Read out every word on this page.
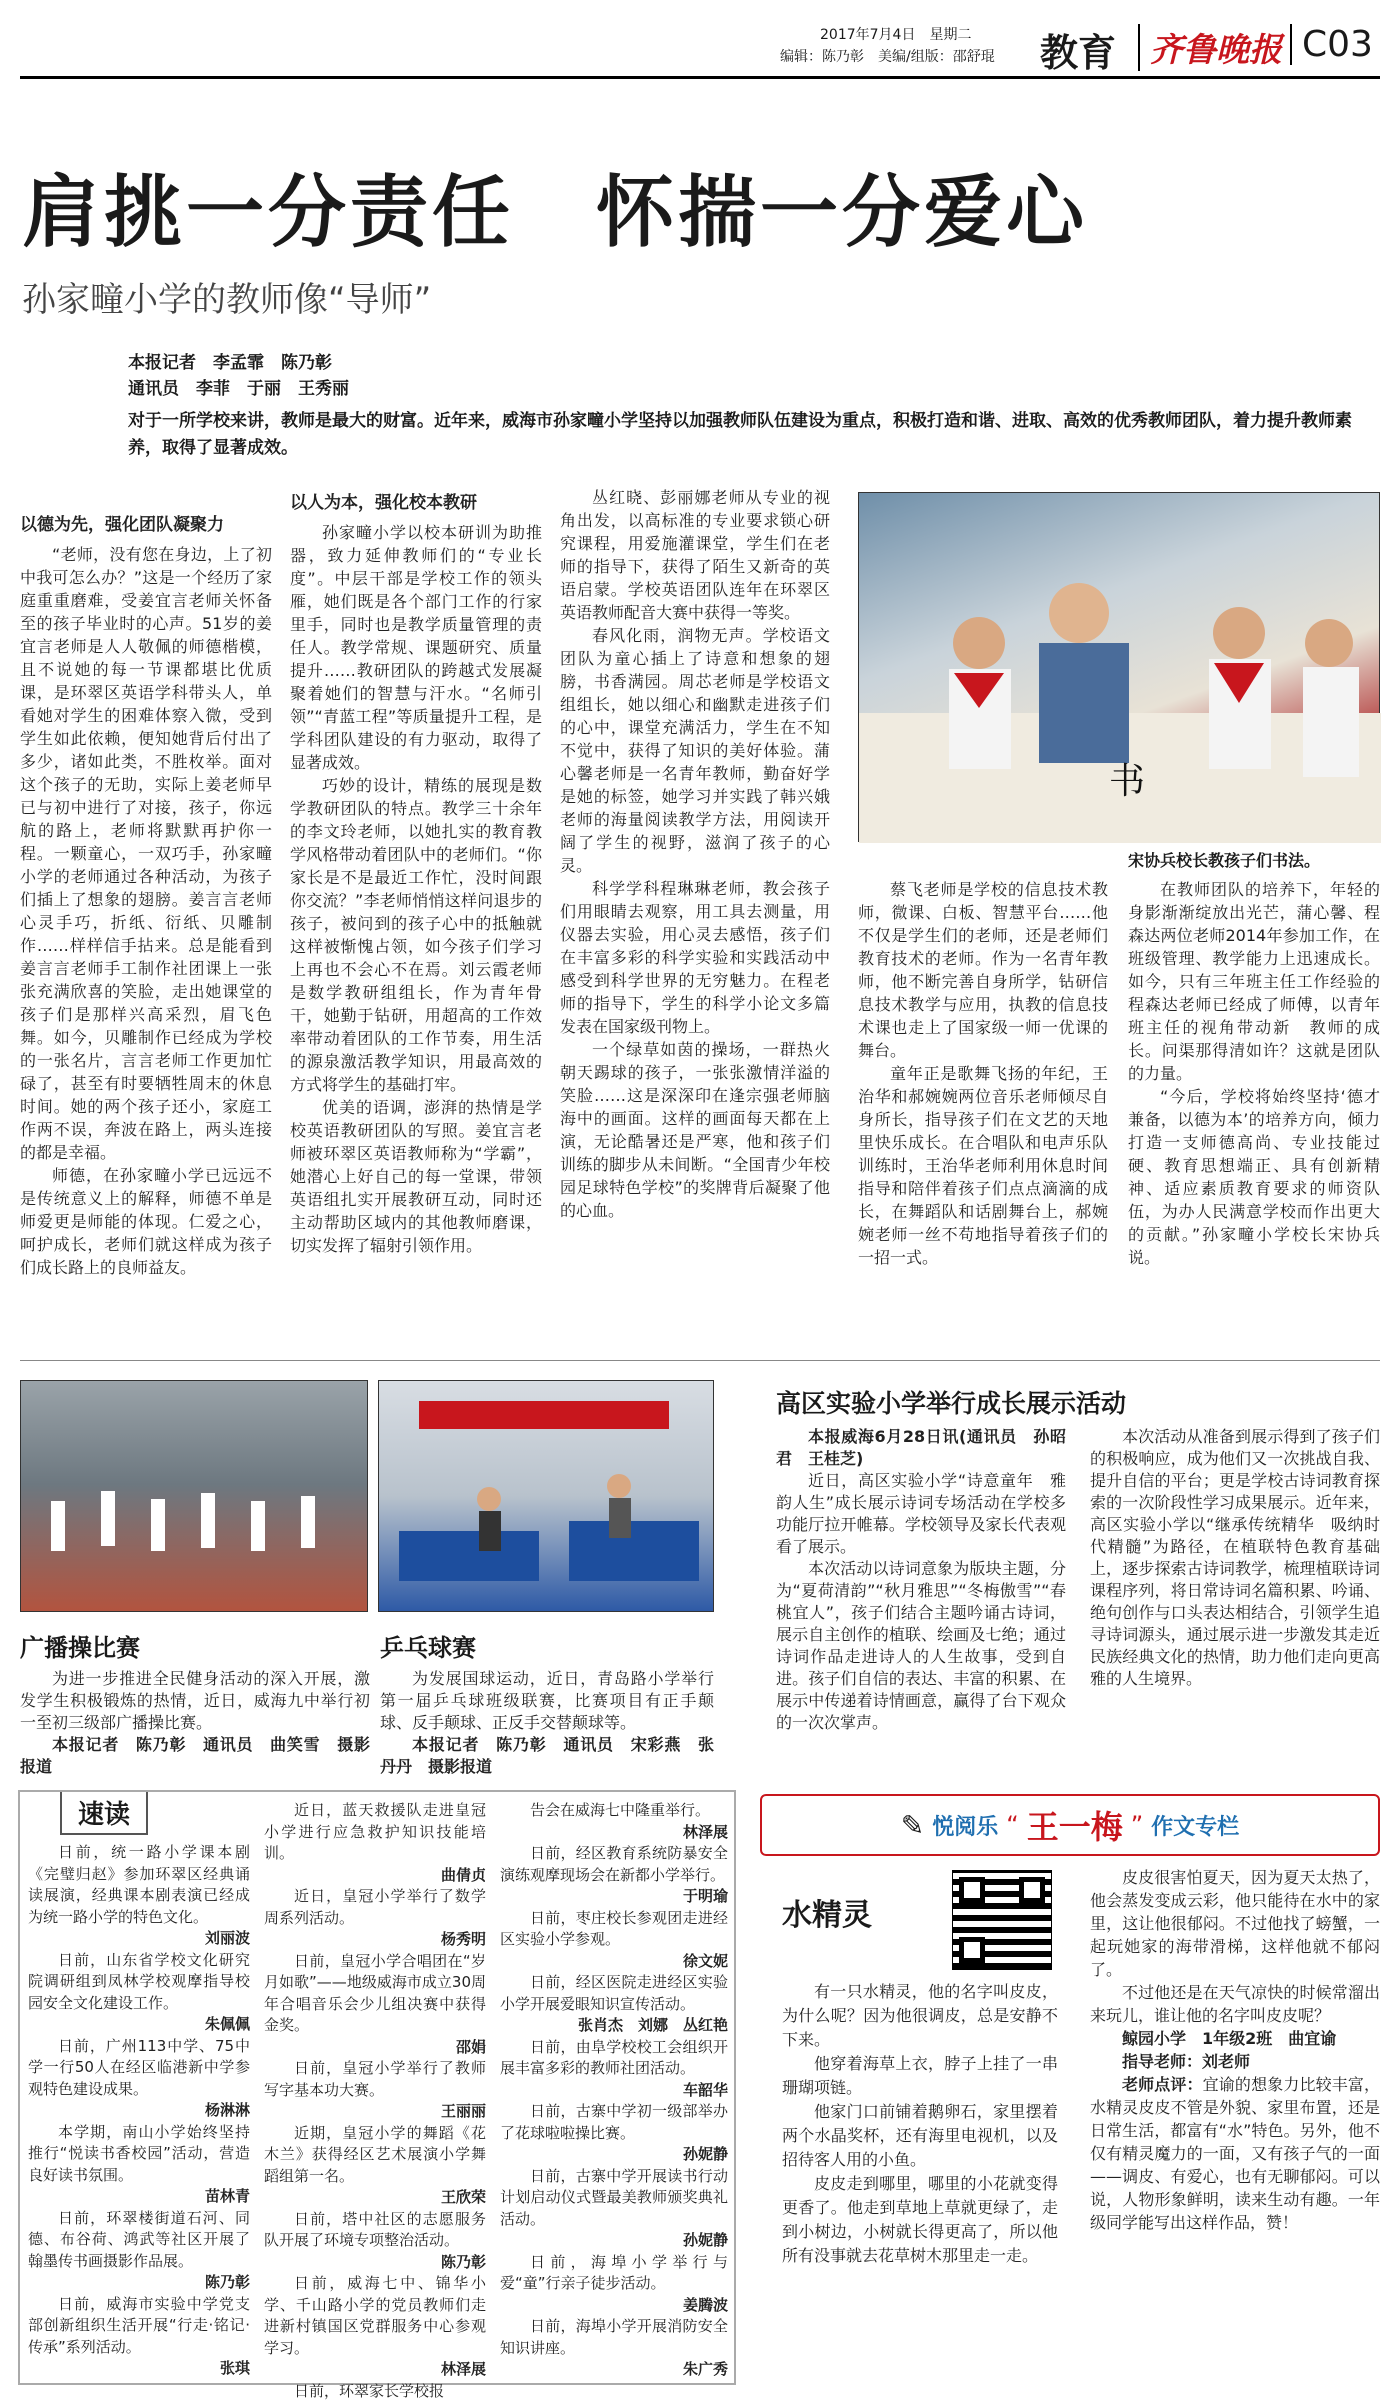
2017年7月4日　星期二
编辑：陈乃彰　美编/组版：邵舒琨 教育	齐鲁晚报 C03
肩挑一分责任　怀揣一分爱心
孙家疃小学的教师像“导师”
本报记者　李孟霏　陈乃彰
通讯员　李菲　于丽　王秀丽
对于一所学校来讲，教师是最大的财富。近年来，威海市孙家疃小学坚持以加强教师队伍建设为重点，积极打造和谐、进取、高效的优秀教师团队，着力提升教师素养，取得了显著成效。
以德为先，强化团队凝聚力

“老师，没有您在身边，上了初中我可怎么办？”这是一个经历了家庭重重磨难，受姜宜言老师关怀备至的孩子毕业时的心声。51岁的姜宜言老师是人人敬佩的师德楷模，且不说她的每一节课都堪比优质课，是环翠区英语学科带头人，单看她对学生的困难体察入微，受到学生如此依赖，便知她背后付出了多少，诸如此类，不胜枚举。面对这个孩子的无助，实际上姜老师早已与初中进行了对接，孩子，你远航的路上，老师将默默再护你一程。一颗童心，一双巧手，孙家疃小学的老师通过各种活动，为孩子们插上了想象的翅膀。姜言言老师心灵手巧，折纸、衍纸、贝雕制作……样样信手拈来。总是能看到姜言言老师手工制作社团课上一张张充满欣喜的笑脸，走出她课堂的孩子们是那样兴高采烈，眉飞色舞。如今，贝雕制作已经成为学校的一张名片，言言老师工作更加忙碌了，甚至有时要牺牲周末的休息时间。她的两个孩子还小，家庭工作两不误，奔波在路上，两头连接的都是幸福。

师德，在孙家疃小学已远远不是传统意义上的解释，师德不单是师爱更是师能的体现。仁爱之心，呵护成长，老师们就这样成为孩子们成长路上的良师益友。

以人为本，强化校本教研

孙家疃小学以校本研训为助推器，致力延伸教师们的“专业长度”。中层干部是学校工作的领头雁，她们既是各个部门工作的行家里手，同时也是教学质量管理的责任人。教学常规、课题研究、质量提升……教研团队的跨越式发展凝聚着她们的智慧与汗水。“名师引领”“青蓝工程”等质量提升工程，是学科团队建设的有力驱动，取得了显著成效。

巧妙的设计，精练的展现是数学教研团队的特点。教学三十余年的李文玲老师，以她扎实的教育教学风格带动着团队中的老师们。“你家长是不是最近工作忙，没时间跟你交流？”李老师悄悄这样问退步的孩子，被问到的孩子心中的抵触就这样被惭愧占领，如今孩子们学习上再也不会心不在焉。刘云霞老师是数学教研组组长，作为青年骨干，她勤于钻研，用超高的工作效率带动着团队的工作节奏，用生活的源泉激活教学知识，用最高效的方式将学生的基础打牢。

优美的语调，澎湃的热情是学校英语教研团队的写照。姜宜言老师被环翠区英语教师称为“学霸”，她潜心上好自己的每一堂课，带领英语组扎实开展教研互动，同时还主动帮助区域内的其他教师磨课，切实发挥了辐射引领作用。

丛红晓、彭丽娜老师从专业的视角出发，以高标准的专业要求锁心研究课程，用爱施灌课堂，学生们在老师的指导下，获得了陌生又新奇的英语启蒙。学校英语团队连年在环翠区英语教师配音大赛中获得一等奖。

春风化雨，润物无声。学校语文团队为童心插上了诗意和想象的翅膀，书香满园。周芯老师是学校语文组组长，她以细心和幽默走进孩子们的心中，课堂充满活力，学生在不知不觉中，获得了知识的美好体验。蒲心馨老师是一名青年教师，勤奋好学是她的标签，她学习并实践了韩兴娥老师的海量阅读教学方法，用阅读开阔了学生的视野，滋润了孩子的心灵。

科学学科程琳琳老师，教会孩子们用眼睛去观察，用工具去测量，用仪器去实验，用心灵去感悟，孩子们在丰富多彩的科学实验和实践活动中感受到科学世界的无穷魅力。在程老师的指导下，学生的科学小论文多篇发表在国家级刊物上。

一个绿草如茵的操场，一群热火朝天踢球的孩子，一张张激情洋溢的笑脸……这是深深印在逢宗强老师脑海中的画面。这样的画面每天都在上演，无论酷暑还是严寒，他和孩子们训练的脚步从未间断。“全国青少年校园足球特色学校”的奖牌背后凝聚了他的心血。

书
宋协兵校长教孩子们书法。

蔡飞老师是学校的信息技术教师，微课、白板、智慧平台……他不仅是学生们的老师，还是老师们教育技术的老师。作为一名青年教师，他不断完善自身所学，钻研信息技术教学与应用，执教的信息技术课也走上了国家级一师一优课的舞台。

童年正是歌舞飞扬的年纪，王治华和郝婉婉两位音乐老师倾尽自身所长，指导孩子们在文艺的天地里快乐成长。在合唱队和电声乐队训练时，王治华老师利用休息时间指导和陪伴着孩子们点点滴滴的成长，在舞蹈队和话剧舞台上，郝婉婉老师一丝不苟地指导着孩子们的一招一式。

在教师团队的培养下，年轻的身影渐渐绽放出光芒，蒲心馨、程森达两位老师2014年参加工作，在班级管理、教学能力上迅速成长。如今，只有三年班主任工作经验的程森达老师已经成了师傅，以青年班主任的视角带动新　教师的成长。问渠那得清如许？这就是团队的力量。

“今后，学校将始终坚持‘德才兼备，以德为本’的培养方向，倾力打造一支师德高尚、专业技能过硬、教育思想端正、具有创新精神、适应素质教育要求的师资队伍，为办人民满意学校而作出更大的贡献。”孙家疃小学校长宋协兵说。

广播操比赛

为进一步推进全民健身活动的深入开展，激发学生积极锻炼的热情，近日，威海九中举行初一至初三级部广播操比赛。

本报记者　陈乃彰　通讯员　曲笑雪　摄影报道

乒乓球赛

为发展国球运动，近日，青岛路小学举行第一届乒乓球班级联赛，比赛项目有正手颠球、反手颠球、正反手交替颠球等。

本报记者　陈乃彰　通讯员　宋彩燕　张丹丹　摄影报道

高区实验小学举行成长展示活动

本报威海6月28日讯(通讯员　孙昭君　王桂芝)

近日，高区实验小学“诗意童年　雅韵人生”成长展示诗词专场活动在学校多功能厅拉开帷幕。学校领导及家长代表观看了展示。

本次活动以诗词意象为版块主题，分为“夏荷清韵”“秋月雅思”“冬梅傲雪”“春桃宜人”，孩子们结合主题吟诵古诗词，展示自主创作的植联、绘画及七绝；通过诗词作品走进诗人的人生故事，受到自进。孩子们自信的表达、丰富的积累、在展示中传递着诗情画意，赢得了台下观众的一次次掌声。

本次活动从准备到展示得到了孩子们的积极响应，成为他们又一次挑战自我、提升自信的平台；更是学校古诗词教育探索的一次阶段性学习成果展示。近年来，高区实验小学以“继承传统精华　吸纳时代精髓”为路径，在植联特色教育基础上，逐步探索古诗词教学，梳理植联诗词课程序列，将日常诗词名篇积累、吟诵、绝句创作与口头表达相结合，引领学生追寻诗词源头，通过展示进一步激发其走近民族经典文化的热情，助力他们走向更高雅的人生境界。

速读

日前，统一路小学课本剧《完璧归赵》参加环翠区经典诵读展演，经典课本剧表演已经成为统一路小学的特色文化。

刘丽波

日前，山东省学校文化研究院调研组到凤林学校观摩指导校园安全文化建设工作。

朱佩佩

日前，广州113中学、75中学一行50人在经区临港新中学参观特色建设成果。

杨淋淋

本学期，南山小学始终坚持推行“悦读书香校园”活动，营造良好读书氛围。

苗林青

日前，环翠楼街道石河、同德、布谷荷、鸿武等社区开展了翰墨传书画摄影作品展。

陈乃彰

日前，威海市实验中学党支部创新组织生活开展“行走·铭记·传承”系列活动。

张琪

近日，蓝天救援队走进皇冠小学进行应急救护知识技能培训。

曲倩贞

近日，皇冠小学举行了数学周系列活动。

杨秀明

日前，皇冠小学合唱团在“岁月如歌”——地级威海市成立30周年合唱音乐会少儿组决赛中获得金奖。

邵娟

日前，皇冠小学举行了教师写字基本功大赛。

王丽丽

近期，皇冠小学的舞蹈《花木兰》获得经区艺术展演小学舞蹈组第一名。

王欣荣

日前，塔中社区的志愿服务队开展了环境专项整治活动。

陈乃彰

日前，威海七中、锦华小学、千山路小学的党员教师们走进新村镇国区党群服务中心参观学习。

林泽展

日前，环翠家长学校报

告会在威海七中隆重举行。

林泽展

日前，经区教育系统防暴安全演练观摩现场会在新都小学举行。

于明瑜

日前，枣庄校长参观团走进经区实验小学参观。

徐文妮

日前，经区医院走进经区实验小学开展爱眼知识宣传活动。

张肖杰　刘娜　丛红艳

日前，由阜学校校工会组织开展丰富多彩的教师社团活动。

车韶华

日前，古寨中学初一级部举办了花球啦啦操比赛。

孙妮静

日前，古寨中学开展读书行动计划启动仪式暨最美教师颁奖典礼活动。

孙妮静

日前，海埠小学举行与爱“童”行亲子徒步活动。

姜腾波

日前，海埠小学开展消防安全知识讲座。

朱广秀

✎ 悦阅乐 “ 王一梅 ” 作文专栏
水精灵

有一只水精灵，他的名字叫皮皮，为什么呢？因为他很调皮，总是安静不下来。

他穿着海草上衣，脖子上挂了一串珊瑚项链。

他家门口前铺着鹅卵石，家里摆着两个水晶奖杯，还有海里电视机，以及招待客人用的小鱼。

皮皮走到哪里，哪里的小花就变得更香了。他走到草地上草就更绿了，走到小树边，小树就长得更高了，所以他所有没事就去花草树木那里走一走。

皮皮很害怕夏天，因为夏天太热了，他会蒸发变成云彩，他只能待在水中的家里，这让他很郁闷。不过他找了螃蟹，一起玩她家的海带滑梯，这样他就不郁闷了。

不过他还是在天气凉快的时候常溜出来玩儿，谁让他的名字叫皮皮呢？

鲸园小学　1年级2班　曲宜谕

指导老师：刘老师

老师点评：宜谕的想象力比较丰富，水精灵皮皮不管是外貌、家里布置，还是日常生活，都富有“水”特色。另外，他不仅有精灵魔力的一面，又有孩子气的一面——调皮、有爱心，也有无聊郁闷。可以说，人物形象鲜明，读来生动有趣。一年级同学能写出这样作品，赞！
